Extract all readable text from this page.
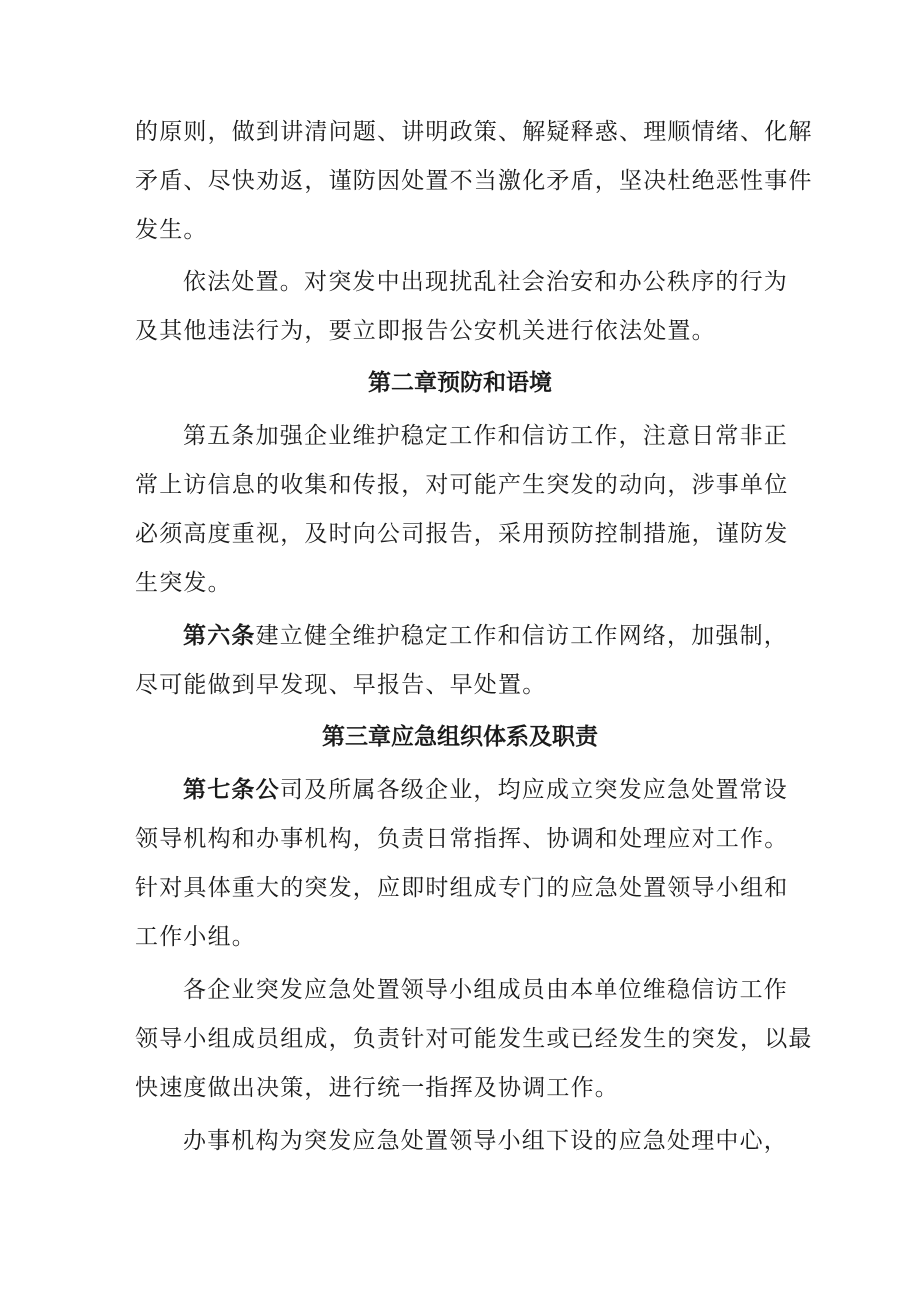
的原则，做到讲清问题、讲明政策、解疑释惑、理顺情绪、化解
矛盾、尽快劝返，谨防因处置不当激化矛盾，坚决杜绝恶性事件
发生。
依法处置。对突发中出现扰乱社会治安和办公秩序的行为
及其他违法行为，要立即报告公安机关进行依法处置。
第二章预防和语境
第五条加强企业维护稳定工作和信访工作，注意日常非正
常上访信息的收集和传报，对可能产生突发的动向，涉事单位
必须高度重视，及时向公司报告，采用预防控制措施，谨防发
生突发。
第六条建立健全维护稳定工作和信访工作网络，加强制，
尽可能做到早发现、早报告、早处置。
第三章应急组织体系及职责
第七条公司及所属各级企业，均应成立突发应急处置常设
领导机构和办事机构，负责日常指挥、协调和处理应对工作。
针对具体重大的突发，应即时组成专门的应急处置领导小组和
工作小组。
各企业突发应急处置领导小组成员由本单位维稳信访工作
领导小组成员组成，负责针对可能发生或已经发生的突发，以最
快速度做出决策，进行统一指挥及协调工作。
办事机构为突发应急处置领导小组下设的应急处理中心，
